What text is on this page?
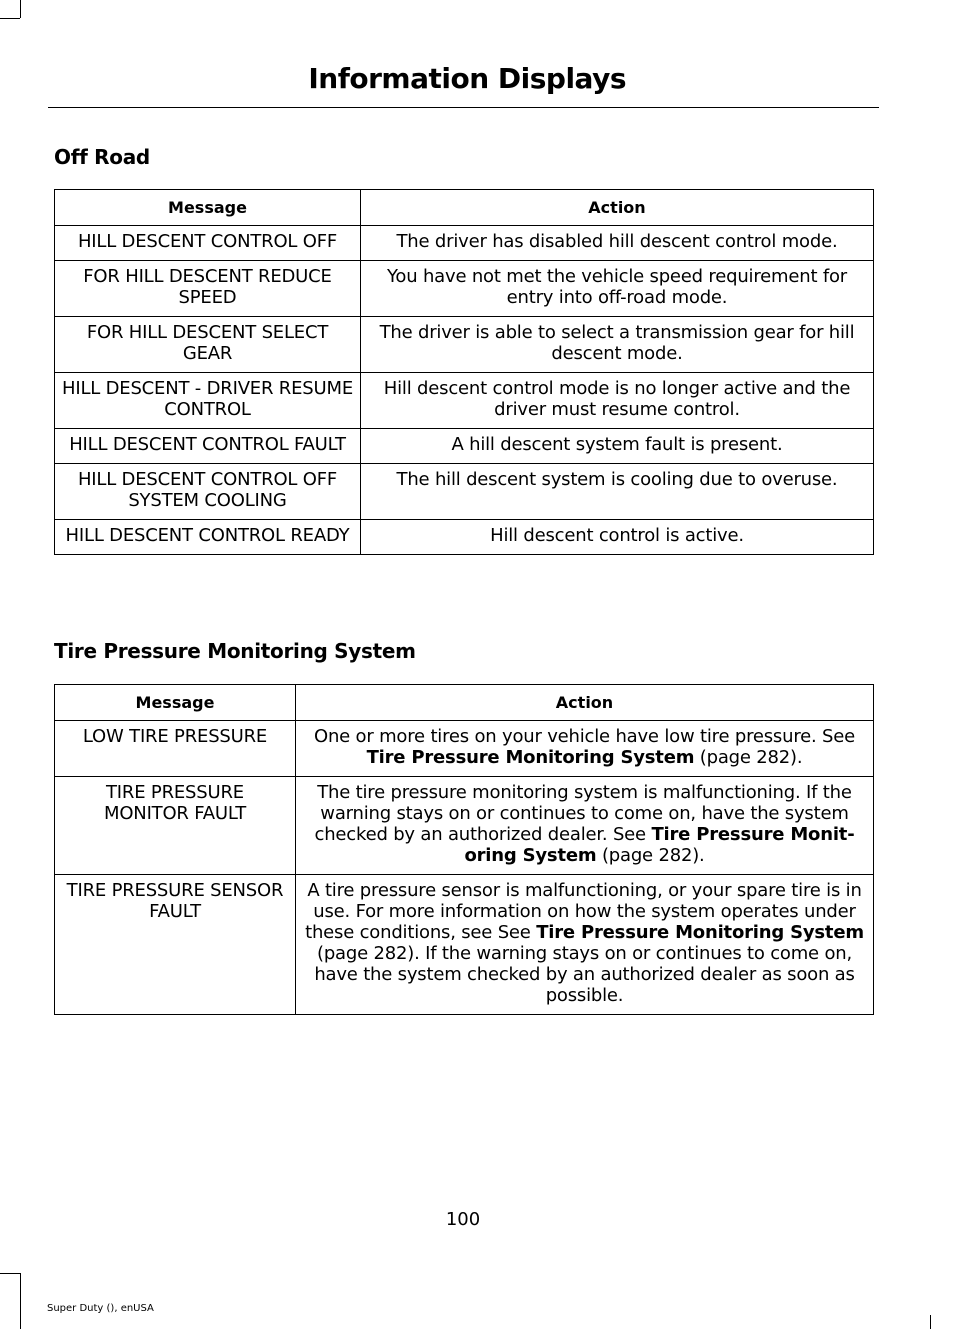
Information Displays
Off Road
Message	Action
HILL DESCENT CONTROL OFF	The driver has disabled hill descent control mode.
FOR HILL DESCENT REDUCE SPEED	You have not met the vehicle speed requirement for entry into off-road mode.
FOR HILL DESCENT SELECT GEAR	The driver is able to select a transmission gear for hill descent mode.
HILL DESCENT - DRIVER RESUME CONTROL	Hill descent control mode is no longer active and the driver must resume control.
HILL DESCENT CONTROL FAULT	A hill descent system fault is present.
HILL DESCENT CONTROL OFF SYSTEM COOLING	The hill descent system is cooling due to overuse.
HILL DESCENT CONTROL READY	Hill descent control is active.
Tire Pressure Monitoring System
Message	Action
LOW TIRE PRESSURE	One or more tires on your vehicle have low tire pressure. See Tire Pressure Monitoring System (page 282).
TIRE PRESSURE MONITOR FAULT	The tire pressure monitoring system is malfunctioning. If the warning stays on or continues to come on, have the system checked by an authorized dealer. See Tire Pressure Monit-oring System (page 282).
TIRE PRESSURE SENSOR FAULT	A tire pressure sensor is malfunctioning, or your spare tire is in use. For more information on how the system operates under these conditions, see See Tire Pressure Monitoring System (page 282). If the warning stays on or continues to come on, have the system checked by an authorized dealer as soon as possible.
100
Super Duty (), enUSA
